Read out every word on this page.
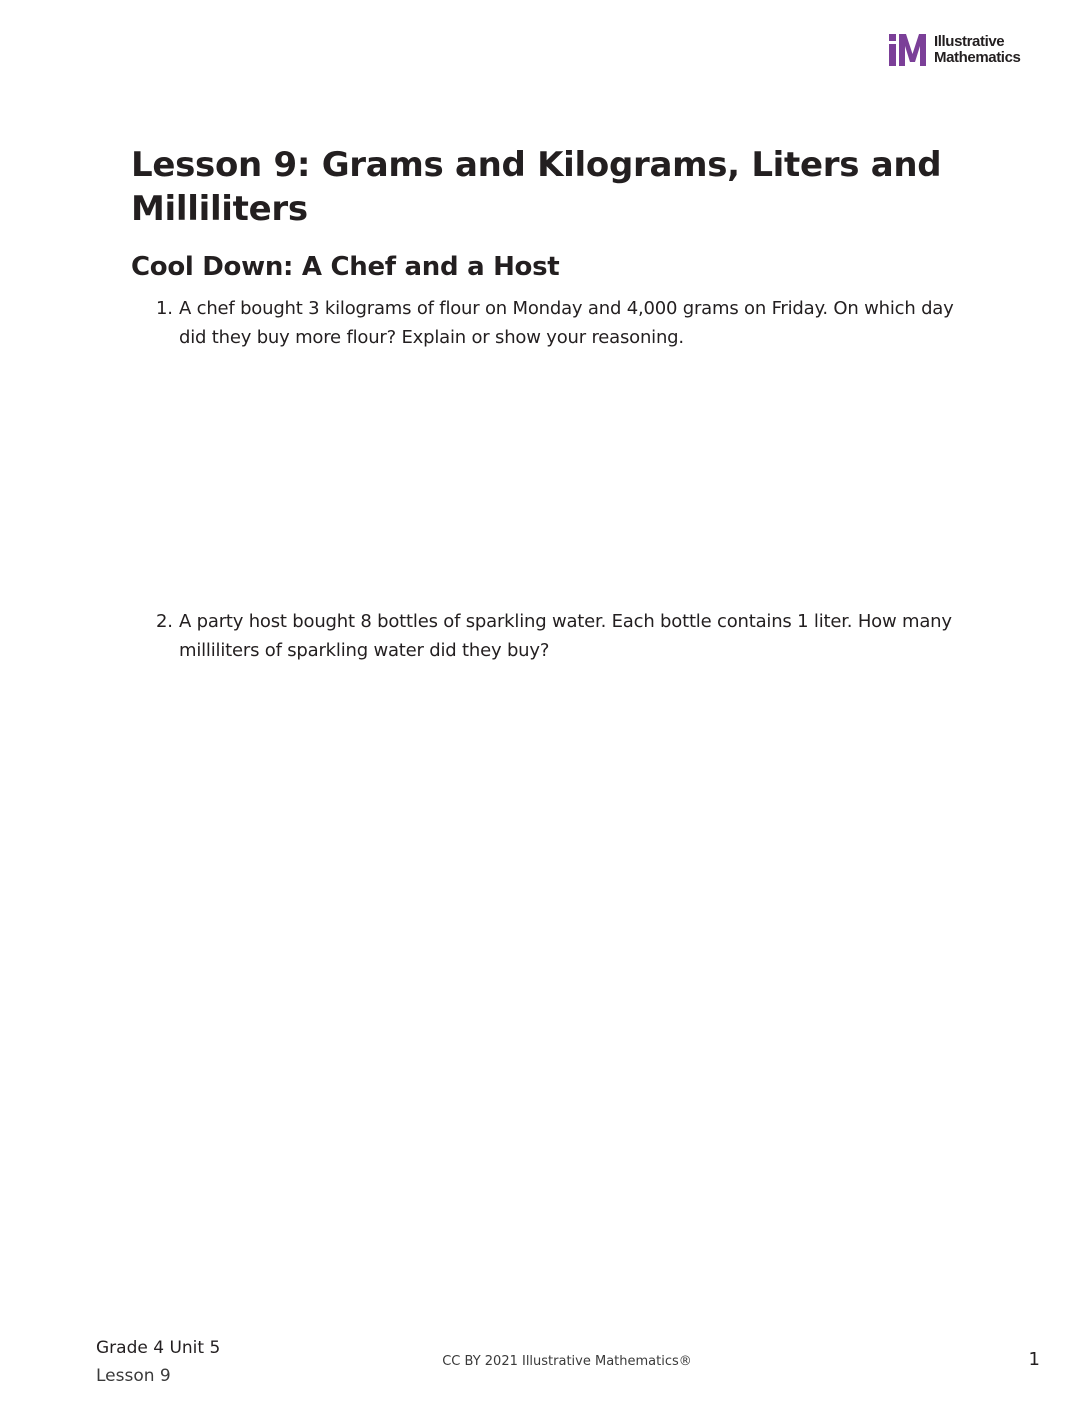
Illustrative
Mathematics
Lesson 9: Grams and Kilograms, Liters and Milliliters
Cool Down: A Chef and a Host
1. A chef bought 3 kilograms of flour on Monday and 4,000 grams on Friday. On which day did they buy more flour? Explain or show your reasoning.
2. A party host bought 8 bottles of sparkling water. Each bottle contains 1 liter. How many milliliters of sparkling water did they buy?
Grade 4 Unit 5
Lesson 9
CC BY 2021 Illustrative Mathematics®	1
